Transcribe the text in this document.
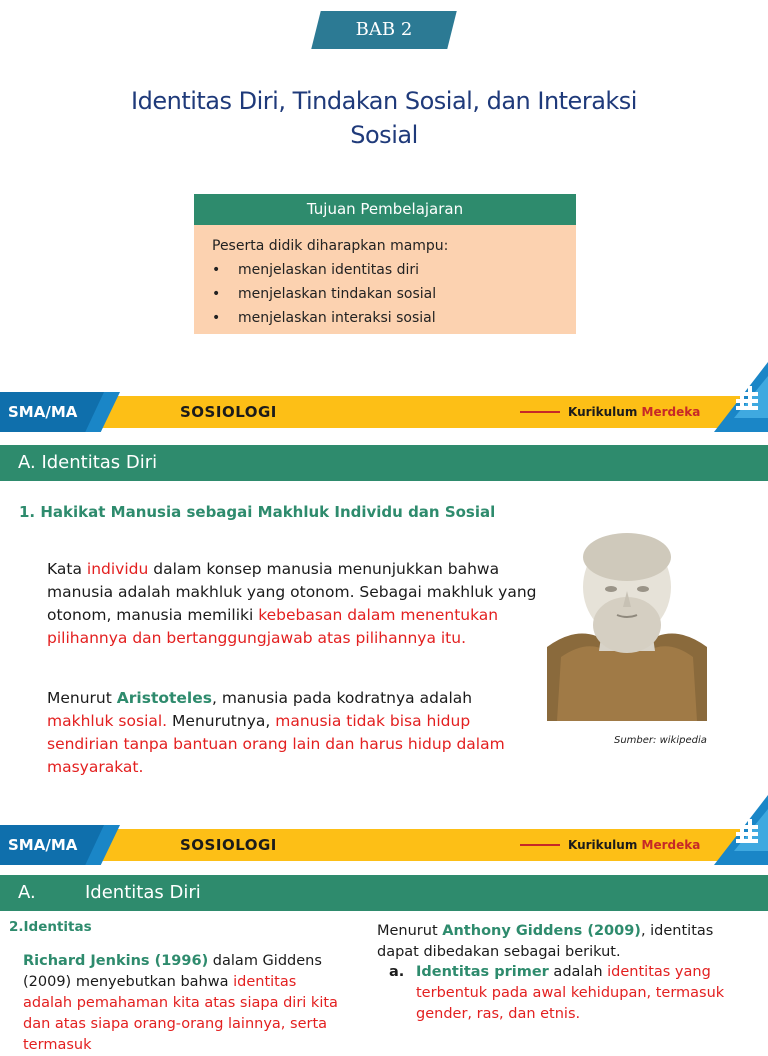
BAB 2
Identitas Diri, Tindakan Sosial, dan Interaksi
Sosial
Tujuan Pembelajaran
Peserta didik diharapkan mampu:
• menjelaskan identitas diri
• menjelaskan tindakan sosial
• menjelaskan interaksi sosial
SMA/MA	SOSIOLOGI	Kurikulum Merdeka
A. Identitas Diri
1. Hakikat Manusia sebagai Makhluk Individu dan Sosial
Kata individu dalam konsep manusia menunjukkan bahwa manusia adalah makhluk yang otonom. Sebagai makhluk yang otonom, manusia memiliki kebebasan dalam menentukan pilihannya dan bertanggungjawab atas pilihannya itu.
Menurut Aristoteles, manusia pada kodratnya adalah makhluk sosial. Menurutnya, manusia tidak bisa hidup sendirian tanpa bantuan orang lain dan harus hidup dalam masyarakat.
Sumber: wikipedia
SMA/MA	SOSIOLOGI	Kurikulum Merdeka
A.	Identitas Diri
2.Identitas
Richard Jenkins (1996) dalam Giddens (2009) menyebutkan bahwa identitas adalah pemahaman kita atas siapa diri kita dan atas siapa orang-orang lainnya, serta termasuk
Menurut Anthony Giddens (2009), identitas dapat dibedakan sebagai berikut.
a. Identitas primer adalah identitas yang terbentuk pada awal kehidupan, termasuk gender, ras, dan etnis.
